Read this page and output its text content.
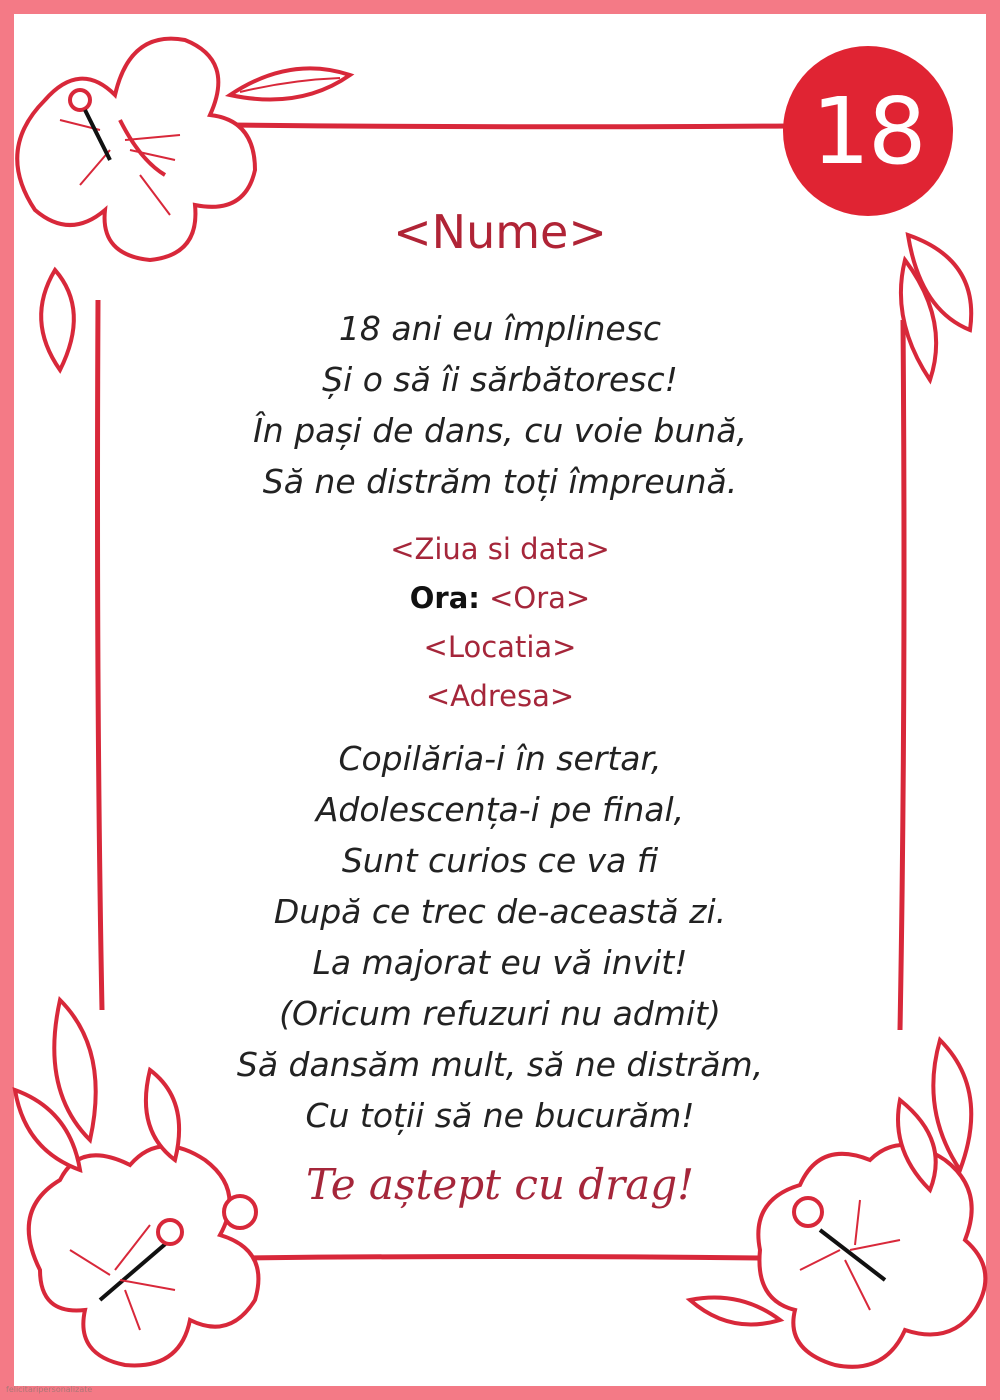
18
<Nume>
18 ani eu împlinesc
Și o să îi sărbătoresc!
În pași de dans, cu voie bună,
Să ne distrăm toți împreună.
<Ziua si data>
Ora: <Ora>
<Locatia>
<Adresa>
Copilăria-i în sertar,
Adolescența-i pe final,
Sunt curios ce va fi
După ce trec de-această zi.
La majorat eu vă invit!
(Oricum refuzuri nu admit)
Să dansăm mult, să ne distrăm,
Cu toții să ne bucurăm!
Te aștept cu drag!
felicitaripersonalizate
